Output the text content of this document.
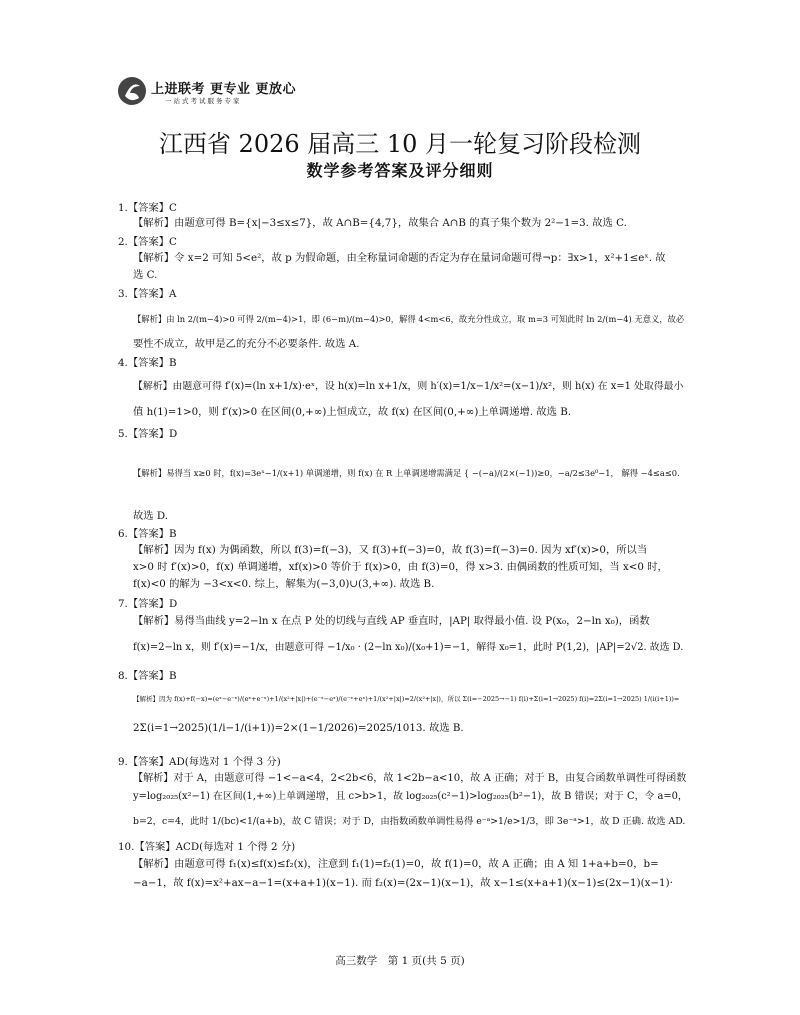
上进联考 更专业 更放心
一站式考试服务专家
江西省 2026 届高三 10 月一轮复习阶段检测
数学参考答案及评分细则
1.【答案】C
【解析】由题意可得 B={x|−3≤x≤7}，故 A∩B={4,7}，故集合 A∩B 的真子集个数为 2²−1=3. 故选 C.
2.【答案】C
【解析】令 x=2 可知 5<e²，故 p 为假命题，由全称量词命题的否定为存在量词命题可得¬p：∃x>1，x²+1≤eˣ. 故
选 C.
3.【答案】A
【解析】由 ln 2/(m−4)>0 可得 2/(m−4)>1，即 (6−m)/(m−4)>0，解得 4<m<6，故充分性成立，取 m=3 可知此时 ln 2/(m−4) 无意义，故必
要性不成立，故甲是乙的充分不必要条件. 故选 A.
4.【答案】B
【解析】由题意可得 f′(x)=(ln x+1/x)·eˣ，设 h(x)=ln x+1/x，则 h′(x)=1/x−1/x²=(x−1)/x²，则 h(x) 在 x=1 处取得最小
值 h(1)=1>0，则 f′(x)>0 在区间(0,+∞)上恒成立，故 f(x) 在区间(0,+∞)上单调递增. 故选 B.
5.【答案】D
【解析】易得当 x≥0 时，f(x)=3eˣ−1/(x+1) 单调递增，则 f(x) 在 R 上单调递增需满足 { −(−a)/(2×(−1))≥0，−a/2≤3e⁰−1， 解得 −4≤a≤0.
故选 D.
6.【答案】B
【解析】因为 f(x) 为偶函数，所以 f(3)=f(−3)，又 f(3)+f(−3)=0，故 f(3)=f(−3)=0. 因为 xf′(x)>0，所以当
x>0 时 f′(x)>0，f(x) 单调递增，xf(x)>0 等价于 f(x)>0，由 f(3)=0，得 x>3. 由偶函数的性质可知，当 x<0 时，
f(x)<0 的解为 −3<x<0. 综上，解集为(−3,0)∪(3,+∞). 故选 B.
7.【答案】D
【解析】易得当曲线 y=2−ln x 在点 P 处的切线与直线 AP 垂直时，|AP| 取得最小值. 设 P(x₀，2−ln x₀)，函数
f(x)=2−ln x，则 f′(x)=−1/x，由题意可得 −1/x₀ · (2−ln x₀)/(x₀+1)=−1，解得 x₀=1，此时 P(1,2)，|AP|=2√2. 故选 D.
8.【答案】B
【解析】因为 f(x)+f(−x)=(eˣ−e⁻ˣ)/(eˣ+e⁻ˣ)+1/(x²+|x|)+(e⁻ˣ−eˣ)/(e⁻ˣ+eˣ)+1/(x²+|x|)=2/(x²+|x|)，所以 Σ(i=−2025→−1) f(i)+Σ(i=1→2025) f(i)=2Σ(i=1→2025) 1/(i(i+1))=
2Σ(i=1→2025)(1/i−1/(i+1))=2×(1−1/2026)=2025/1013. 故选 B.
9.【答案】AD(每选对 1 个得 3 分)
【解析】对于 A，由题意可得 −1<−a<4，2<2b<6，故 1<2b−a<10，故 A 正确；对于 B，由复合函数单调性可得函数
y=log₂₀₂₅(x²−1) 在区间(1,+∞)上单调递增，且 c>b>1，故 log₂₀₂₅(c²−1)>log₂₀₂₅(b²−1)，故 B 错误；对于 C，令 a=0，
b=2，c=4，此时 1/(bc)<1/(a+b)，故 C 错误；对于 D，由指数函数单调性易得 e⁻ᵃ>1/e>1/3，即 3e⁻ᵃ>1，故 D 正确. 故选 AD.
10.【答案】ACD(每选对 1 个得 2 分)
【解析】由题意可得 f₁(x)≤f(x)≤f₂(x)，注意到 f₁(1)=f₂(1)=0，故 f(1)=0，故 A 正确；由 A 知 1+a+b=0，b=
−a−1，故 f(x)=x²+ax−a−1=(x+a+1)(x−1). 而 f₂(x)=(2x−1)(x−1)，故 x−1≤(x+a+1)(x−1)≤(2x−1)(x−1)·
高三数学　第 1 页(共 5 页)
